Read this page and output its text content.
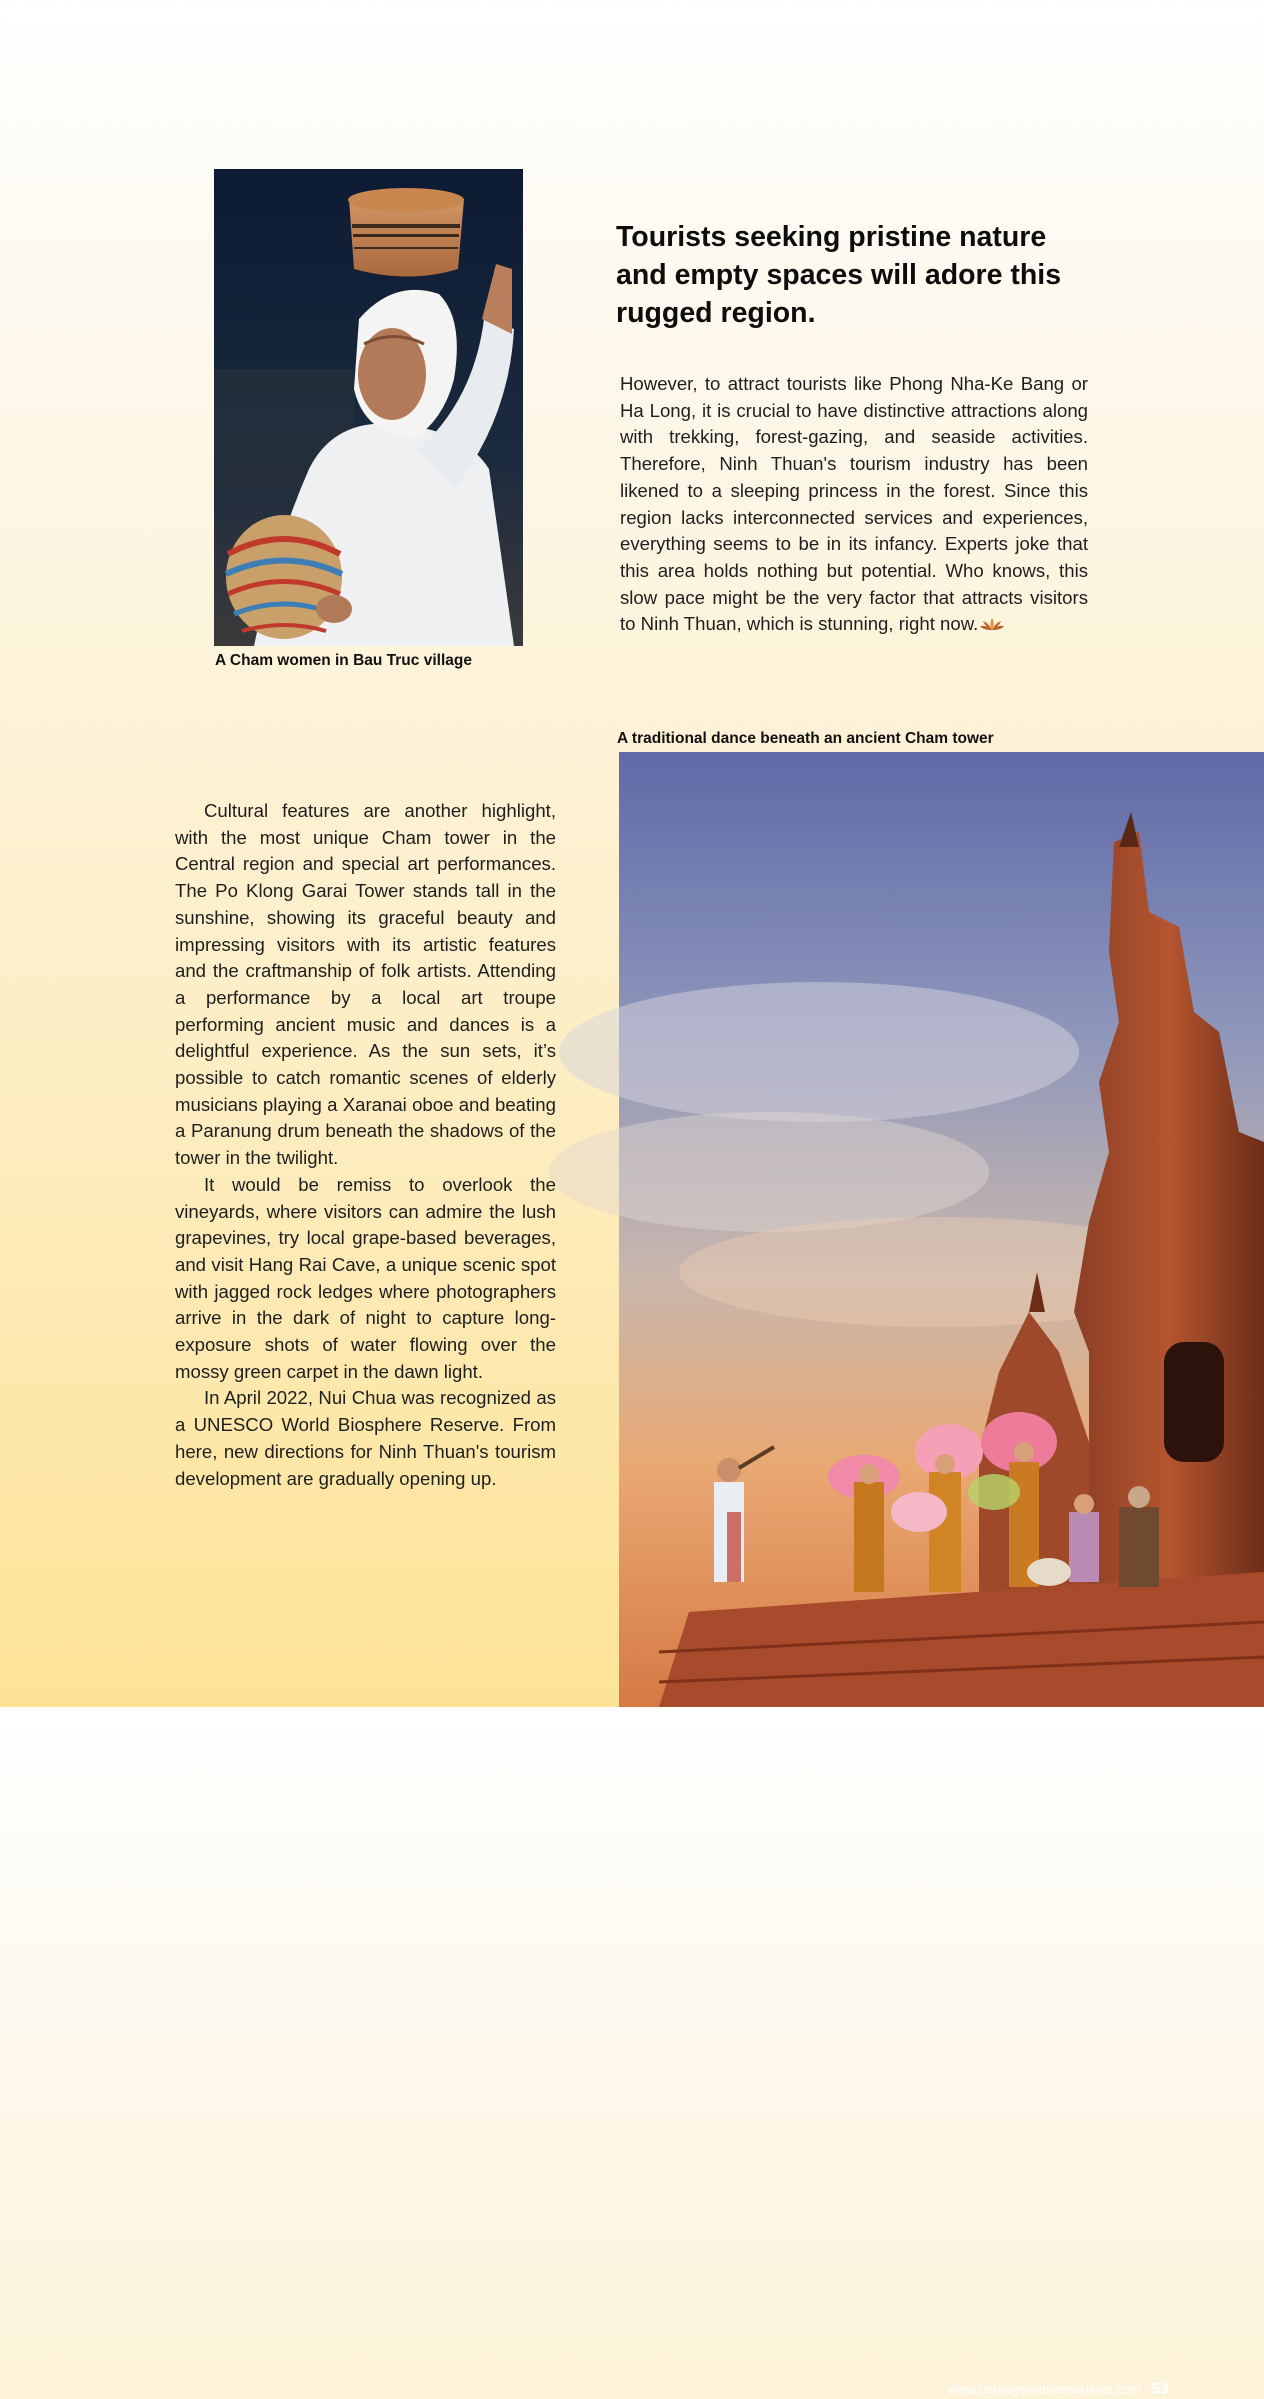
A Cham women in Bau Truc village
Tourists seeking pristine nature and empty spaces will adore this rugged region.

However, to attract tourists like Phong Nha-Ke Bang or Ha Long, it is crucial to have distinctive attractions along with trekking, forest-gazing, and seaside activities. Therefore, Ninh Thuan's tourism industry has been likened to a sleeping princess in the forest. Since this region lacks interconnected services and experiences, everything seems to be in its infancy. Experts joke that this area holds nothing but potential. Who knows, this slow pace might be the very factor that attracts visitors to Ninh Thuan, which is stunning, right now.

A traditional dance beneath an ancient Cham tower
www.heritagevietnamairlines.com 53

Cultural features are another highlight, with the most unique Cham tower in the Central region and special art performances. The Po Klong Garai Tower stands tall in the sunshine, showing its graceful beauty and impressing visitors with its artistic features and the craftmanship of folk artists. Attending a performance by a local art troupe performing ancient music and dances is a delightful experience. As the sun sets, it’s possible to catch romantic scenes of elderly musicians playing a Xaranai oboe and beating a Paranung drum beneath the shadows of the tower in the twilight.

It would be remiss to overlook the vineyards, where visitors can admire the lush grapevines, try local grape-based beverages, and visit Hang Rai Cave, a unique scenic spot with jagged rock ledges where photographers arrive in the dark of night to capture long-exposure shots of water flowing over the mossy green carpet in the dawn light.

In April 2022, Nui Chua was recognized as a UNESCO World Biosphere Reserve. From here, new directions for Ninh Thuan's tourism development are gradually opening up.
